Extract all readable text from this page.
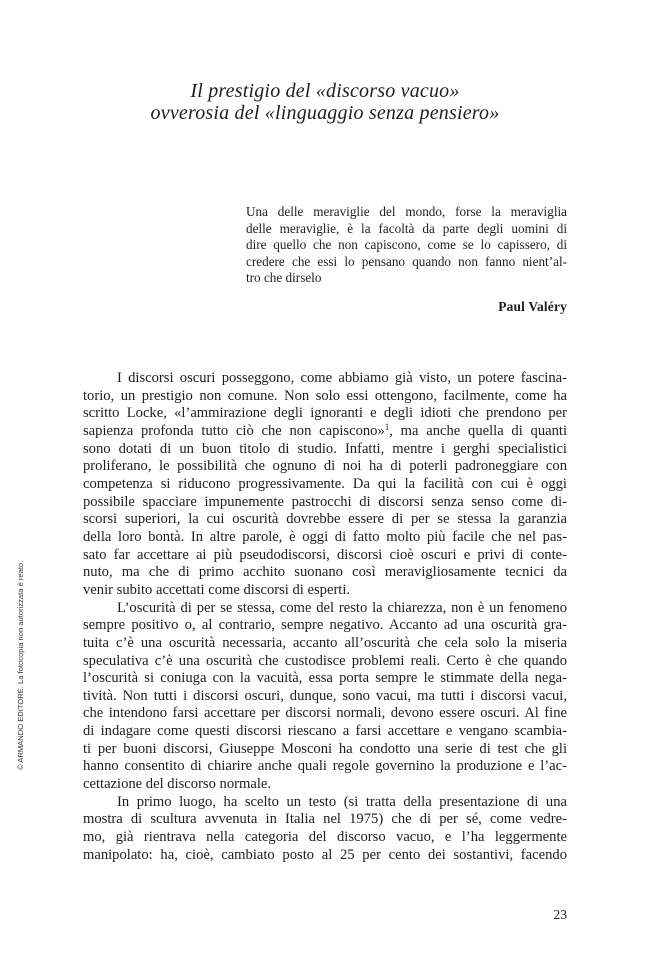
Il prestigio del «discorso vacuo»
ovverosia del «linguaggio senza pensiero»
Una delle meraviglie del mondo, forse la meraviglia
delle meraviglie, è la facoltà da parte degli uomini di
dire quello che non capiscono, come se lo capissero, di
credere che essi lo pensano quando non fanno nient’al-
tro che dirselo
Paul Valéry
I discorsi oscuri posseggono, come abbiamo già visto, un potere fascina-
torio, un prestigio non comune. Non solo essi ottengono, facilmente, come ha
scritto Locke, «l’ammirazione degli ignoranti e degli idioti che prendono per
sapienza profonda tutto ciò che non capiscono»$^1$, ma anche quella di quanti
sono dotati di un buon titolo di studio. Infatti, mentre i gerghi specialistici
proliferano, le possibilità che ognuno di noi ha di poterli padroneggiare con
competenza si riducono progressivamente. Da qui la facilità con cui è oggi
possibile spacciare impunemente pastrocchi di discorsi senza senso come di-
scorsi superiori, la cui oscurità dovrebbe essere di per se stessa la garanzia
della loro bontà. In altre parole, è oggi di fatto molto più facile che nel pas-
sato far accettare ai più pseudodiscorsi, discorsi cioè oscuri e privi di conte-
nuto, ma che di primo acchito suonano così meravigliosamente tecnici da
venir subito accettati come discorsi di esperti.
L’oscurità di per se stessa, come del resto la chiarezza, non è un fenomeno
sempre positivo o, al contrario, sempre negativo. Accanto ad una oscurità gra-
tuita c’è una oscurità necessaria, accanto all’oscurità che cela solo la miseria
speculativa c’è una oscurità che custodisce problemi reali. Certo è che quando
l’oscurità si coniuga con la vacuità, essa porta sempre le stimmate della nega-
tività. Non tutti i discorsi oscuri, dunque, sono vacui, ma tutti i discorsi vacui,
che intendono farsi accettare per discorsi normali, devono essere oscuri. Al fine
di indagare come questi discorsi riescano a farsi accettare e vengano scambia-
ti per buoni discorsi, Giuseppe Mosconi ha condotto una serie di test che gli
hanno consentito di chiarire anche quali regole governino la produzione e l’ac-
cettazione del discorso normale.
In primo luogo, ha scelto un testo (si tratta della presentazione di una
mostra di scultura avvenuta in Italia nel 1975) che di per sé, come vedre-
mo, già rientrava nella categoria del discorso vacuo, e l’ha leggermente
manipolato: ha, cioè, cambiato posto al 25 per cento dei sostantivi, facendo
© ARMANDO EDITORE. La fotocopia non autorizzata è reato.
23
